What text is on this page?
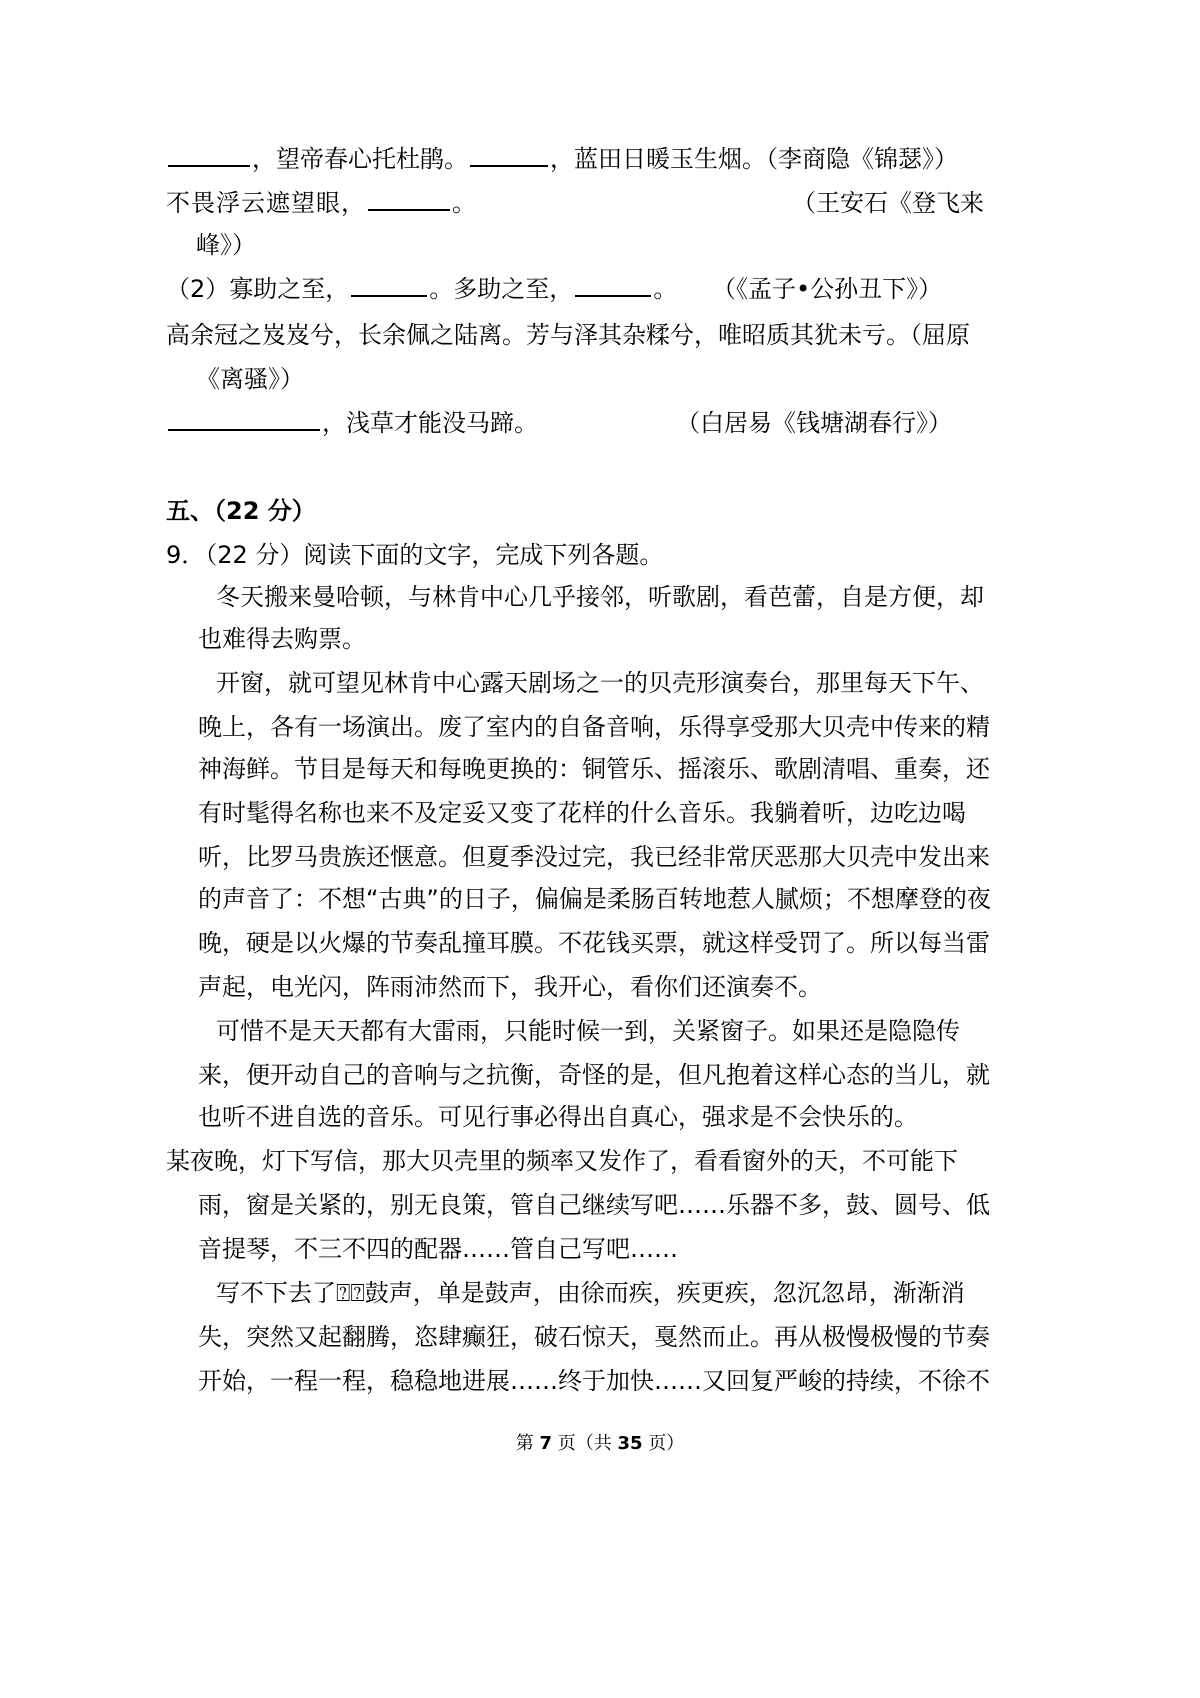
，望帝春心托杜鹃。	，蓝田日暖玉生烟。（李商隐《锦瑟》）
不畏浮云遮望眼，	。	（王安石《登飞来
峰》）
（2）寡助之至，	。多助之至，	。 （《孟子•公孙丑下》）
高余冠之岌岌兮，长余佩之陆离。芳与泽其杂糅兮，唯昭质其犹未亏。（屈原
《离骚》）
，浅草才能没马蹄。	（白居易《钱塘湖春行》）
五、（22 分）
9．（22 分）阅读下面的文字，完成下列各题。
冬天搬来曼哈顿，与林肯中心几乎接邻，听歌剧，看芭蕾，自是方便，却
也难得去购票。
开窗，就可望见林肯中心露天剧场之一的贝壳形演奏台，那里每天下午、
晚上，各有一场演出。废了室内的自备音响，乐得享受那大贝壳中传来的精
神海鲜。节目是每天和每晚更换的：铜管乐、摇滚乐、歌剧清唱、重奏，还
有时髦得名称也来不及定妥又变了花样的什么音乐。我躺着听，边吃边喝
听，比罗马贵族还惬意。但夏季没过完，我已经非常厌恶那大贝壳中发出来
的声音了：不想“古典”的日子，偏偏是柔肠百转地惹人腻烦；不想摩登的夜
晚，硬是以火爆的节奏乱撞耳膜。不花钱买票，就这样受罚了。所以每当雷
声起，电光闪，阵雨沛然而下，我开心，看你们还演奏不。
可惜不是天天都有大雷雨，只能时候一到，关紧窗子。如果还是隐隐传
来，便开动自己的音响与之抗衡，奇怪的是，但凡抱着这样心态的当儿，就
也听不进自选的音乐。可见行事必得出自真心，强求是不会快乐的。
某夜晚，灯下写信，那大贝壳里的频率又发作了，看看窗外的天，不可能下
雨，窗是关紧的，别无良策，管自己继续写吧……乐器不多，鼓、圆号、低
音提琴，不三不四的配器……管自己写吧……
写不下去了⍰⍰鼓声，单是鼓声，由徐而疾，疾更疾，忽沉忽昂，渐渐消
失，突然又起翻腾，恣肆癫狂，破石惊天，戛然而止。再从极慢极慢的节奏
开始，一程一程，稳稳地进展……终于加快……又回复严峻的持续，不徐不
第 7 页（共 35 页）
